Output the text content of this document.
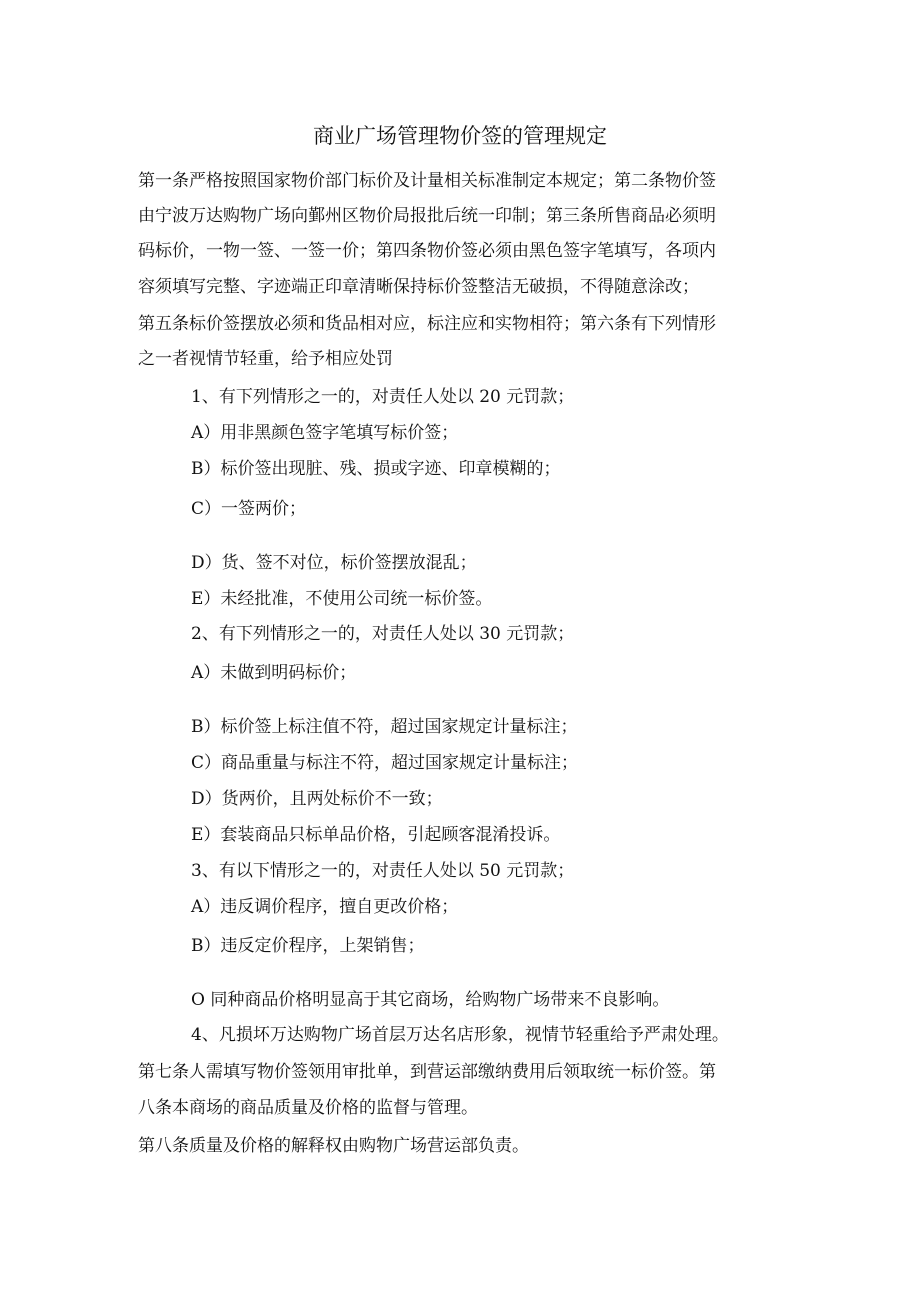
商业广场管理物价签的管理规定
第一条严格按照国家物价部门标价及计量相关标准制定本规定；第二条物价签
由宁波万达购物广场向鄞州区物价局报批后统一印制；第三条所售商品必须明
码标价，一物一签、一签一价；第四条物价签必须由黑色签字笔填写，各项内
容须填写完整、字迹端正印章清晰保持标价签整洁无破损，不得随意涂改；
第五条标价签摆放必须和货品相对应，标注应和实物相符；第六条有下列情形
之一者视情节轻重，给予相应处罚
1、有下列情形之一的，对责任人处以 20 元罚款；
A）用非黑颜色签字笔填写标价签；
B）标价签出现脏、残、损或字迹、印章模糊的；
C）一签两价；
D）货、签不对位，标价签摆放混乱；
E）未经批准，不使用公司统一标价签。
2、有下列情形之一的，对责任人处以 30 元罚款；
A）未做到明码标价；
B）标价签上标注值不符，超过国家规定计量标注；
C）商品重量与标注不符，超过国家规定计量标注；
D）货两价，且两处标价不一致；
E）套装商品只标单品价格，引起顾客混淆投诉。
3、有以下情形之一的，对责任人处以 50 元罚款；
A）违反调价程序，擅自更改价格；
B）违反定价程序，上架销售；
O 同种商品价格明显高于其它商场，给购物广场带来不良影响。
4、凡损坏万达购物广场首层万达名店形象，视情节轻重给予严肃处理。
第七条人需填写物价签领用审批单，到营运部缴纳费用后领取统一标价签。第
八条本商场的商品质量及价格的监督与管理。
第八条质量及价格的解释权由购物广场营运部负责。
